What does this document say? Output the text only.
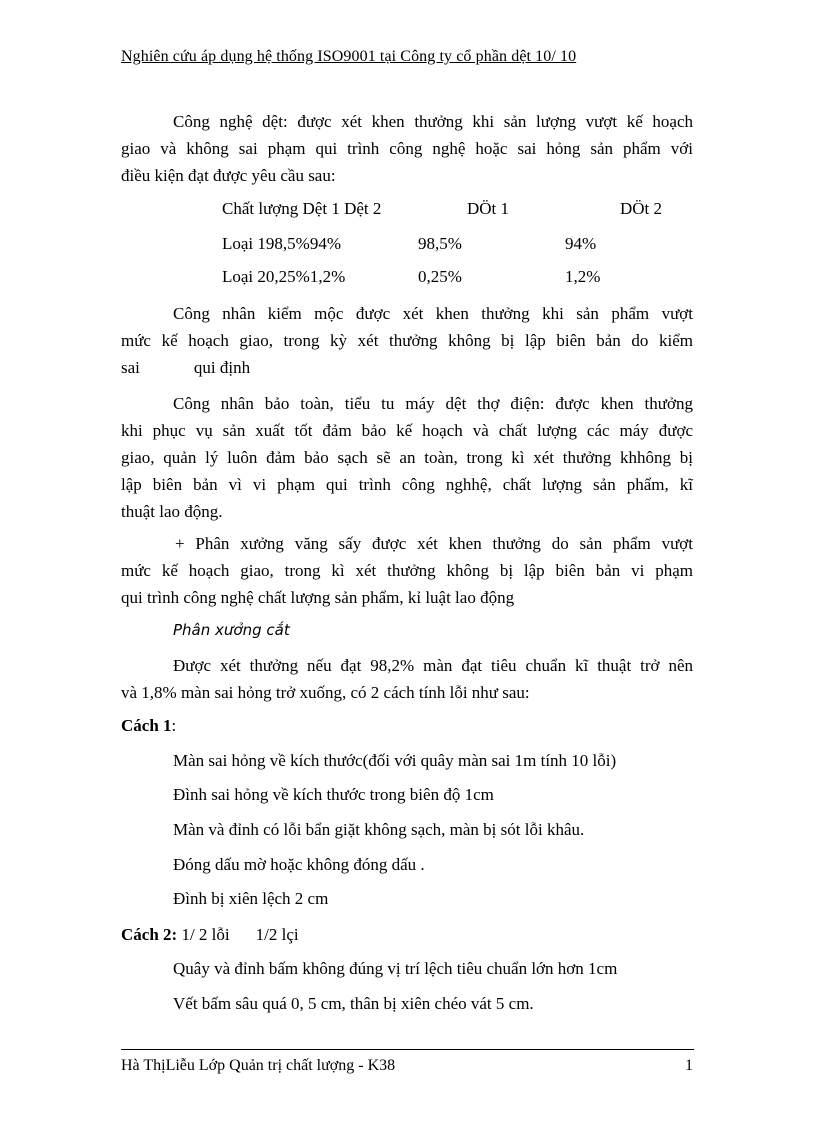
Nghiên cứu áp dụng hệ thống ISO9001 tại Công ty cổ phần dệt 10/ 10
Công nghệ dệt: được xét khen thưởng khi sản lượng vượt kế hoạch
giao và không sai phạm qui trình công nghệ hoặc sai hỏng sản phẩm với
điều kiện đạt được yêu cầu sau:
Chất lượng Dệt 1 Dệt 2	DÖt 1	DÖt 2
Loại 198,5%94%	98,5%	94%
Loại 20,25%1,2%	0,25%	1,2%
Công nhân kiểm mộc được xét khen thưởng khi sản phẩm vượt
mức kế hoạch giao, trong kỳ xét thưởng không bị lập biên bản do kiểm
sai	qui định
Công nhân bảo toàn, tiểu tu máy dệt thợ điện: được khen thưởng
khi phục vụ sản xuất tốt đảm bảo kế hoạch và chất lượng các máy được
giao, quản lý luôn đảm bảo sạch sẽ an toàn, trong kì xét thưởng khhông bị
lập biên bản vì vi phạm qui trình công nghhệ, chất lượng sản phẩm, kĩ
thuật lao động.
+ Phân xưởng văng sấy được xét khen thưởng do sản phẩm vượt
mức kế hoạch giao, trong kì xét thưởng không bị lập biên bản vi phạm
qui trình công nghệ chất lượng sản phẩm, kỉ luật lao động
Phân xưởng cắt
Được xét thưởng nếu đạt 98,2% màn đạt tiêu chuẩn kĩ thuật trở nên
và 1,8% màn sai hỏng trở xuống, có 2 cách tính lỗi như sau:
Cách 1:
Màn sai hỏng về kích thước(đối với quây màn sai 1m tính 10 lỗi)
Đình sai hỏng về kích thước trong biên độ 1cm
Màn và đỉnh có lỗi bẩn giặt không sạch, màn bị sót lỗi khâu.
Đóng dấu mờ hoặc không đóng dấu .
Đình bị xiên lệch 2 cm
Cách 2: 1/ 2 lỗi 1/2 lçi
Quây và đỉnh bấm không đúng vị trí lệch tiêu chuẩn lớn hơn 1cm
Vết bấm sâu quá 0, 5 cm, thân bị xiên chéo vát 5 cm.
Hà ThịLiễu Lớp Quản trị chất lượng - K38	1
